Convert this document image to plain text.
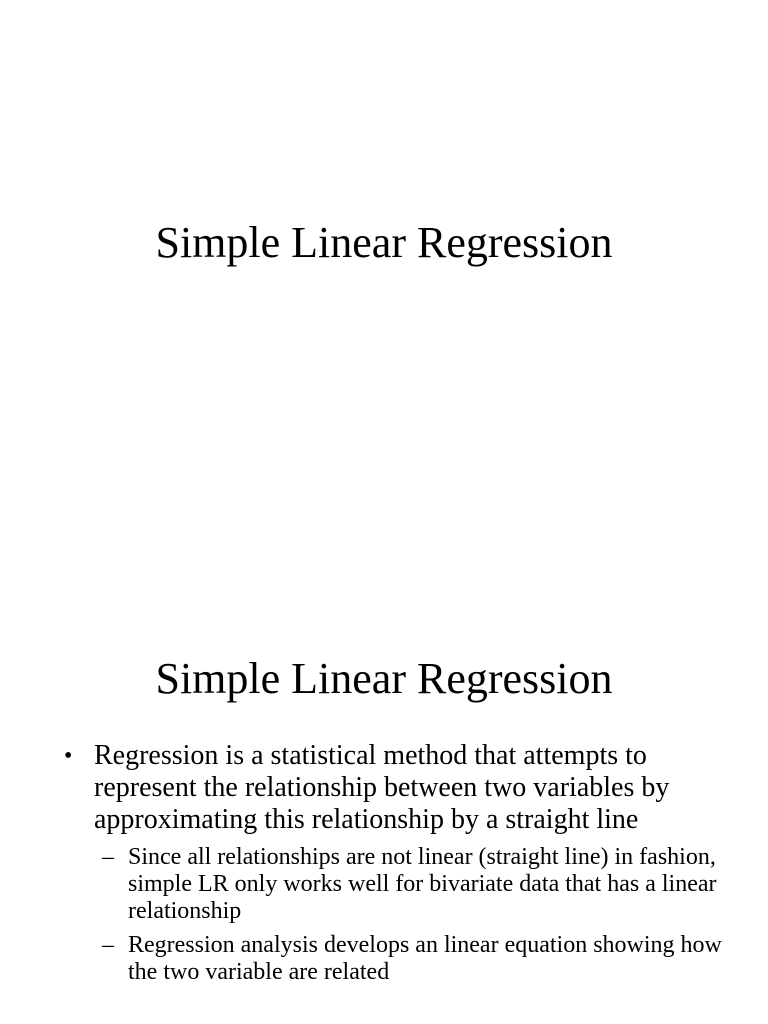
Simple Linear Regression
Simple Linear Regression
• Regression is a statistical method that attempts to represent the relationship between two variables by approximating this relationship by a straight line
– Since all relationships are not linear (straight line) in fashion, simple LR only works well for bivariate data that has a linear relationship
– Regression analysis develops an linear equation showing how the two variable are related
